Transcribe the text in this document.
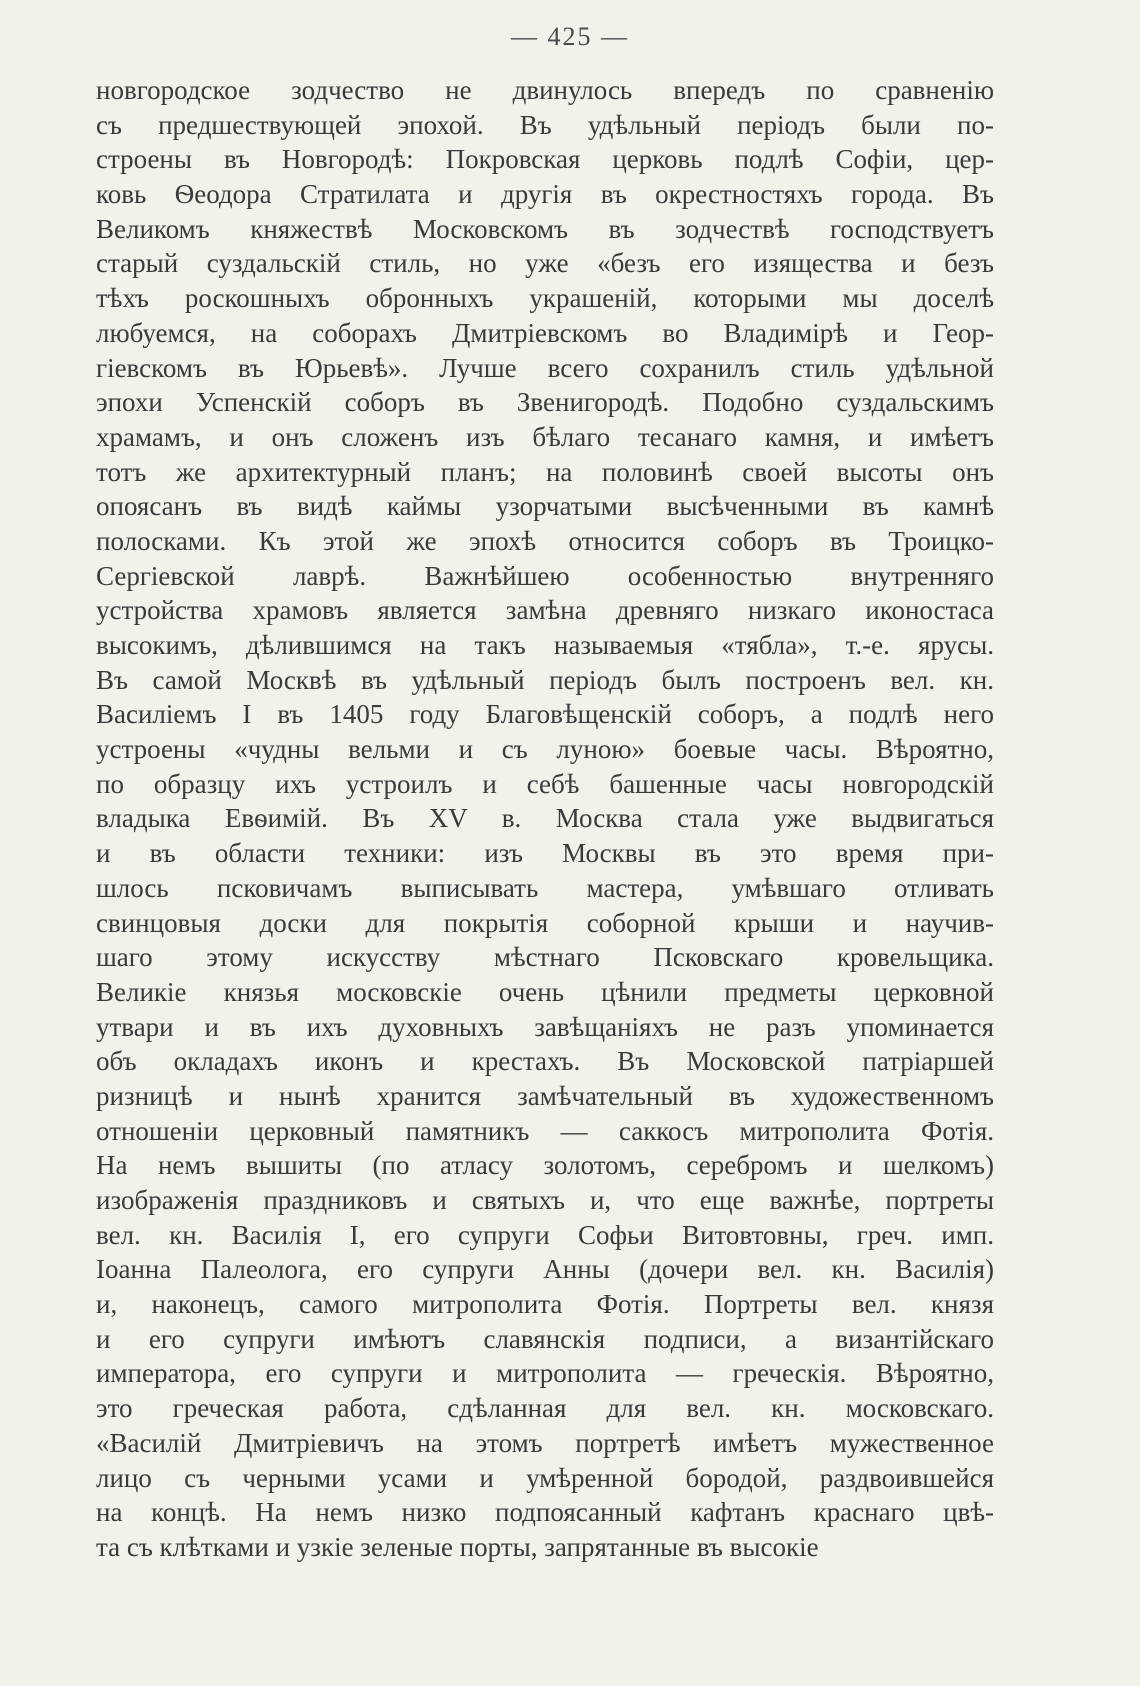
— 425 —
новгородское зодчество не двинулось впередъ по сравненію
съ предшествующей эпохой. Въ удѣльный періодъ были по-
строены въ Новгородѣ: Покровская церковь подлѣ Софіи, цер-
ковь Ѳеодора Стратилата и другія въ окрестностяхъ города. Въ
Великомъ княжествѣ Московскомъ въ зодчествѣ господствуетъ
старый суздальскій стиль, но уже «безъ его изящества и безъ
тѣхъ роскошныхъ обронныхъ украшеній, которыми мы доселѣ
любуемся, на соборахъ Дмитріевскомъ во Владимірѣ и Геор-
гіевскомъ въ Юрьевѣ». Лучше всего сохранилъ стиль удѣльной
эпохи Успенскій соборъ въ Звенигородѣ. Подобно суздальскимъ
храмамъ, и онъ сложенъ изъ бѣлаго тесанаго камня, и имѣетъ
тотъ же архитектурный планъ; на половинѣ своей высоты онъ
опоясанъ въ видѣ каймы узорчатыми высѣченными въ камнѣ
полосками. Къ этой же эпохѣ относится соборъ въ Троицко-
Сергіевской лаврѣ. Важнѣйшею особенностью внутренняго
устройства храмовъ является замѣна древняго низкаго иконостаса
высокимъ, дѣлившимся на такъ называемыя «тябла», т.-е. ярусы.
Въ самой Москвѣ въ удѣльный періодъ былъ построенъ вел. кн.
Василіемъ I въ 1405 году Благовѣщенскій соборъ, а подлѣ него
устроены «чудны вельми и съ луною» боевые часы. Вѣроятно,
по образцу ихъ устроилъ и себѣ башенные часы новгородскій
владыка Евѳимій. Въ XV в. Москва стала уже выдвигаться
и въ области техники: изъ Москвы въ это время при-
шлось псковичамъ выписывать мастера, умѣвшаго отливать
свинцовыя доски для покрытія соборной крыши и научив-
шаго этому искусству мѣстнаго Псковскаго кровельщика.
Великіе князья московскіе очень цѣнили предметы церковной
утвари и въ ихъ духовныхъ завѣщаніяхъ не разъ упоминается
объ окладахъ иконъ и крестахъ. Въ Московской патріаршей
ризницѣ и нынѣ хранится замѣчательный въ художественномъ
отношеніи церковный памятникъ — саккосъ митрополита Фотія.
На немъ вышиты (по атласу золотомъ, серебромъ и шелкомъ)
изображенія праздниковъ и святыхъ и, что еще важнѣе, портреты
вел. кн. Василія I, его супруги Софьи Витовтовны, греч. имп.
Іоанна Палеолога, его супруги Анны (дочери вел. кн. Василія)
и, наконецъ, самого митрополита Фотія. Портреты вел. князя
и его супруги имѣютъ славянскія подписи, а византійскаго
императора, его супруги и митрополита — греческія. Вѣроятно,
это греческая работа, сдѣланная для вел. кн. московскаго.
«Василій Дмитріевичъ на этомъ портретѣ имѣетъ мужественное
лицо съ черными усами и умѣренной бородой, раздвоившейся
на концѣ. На немъ низко подпоясанный кафтанъ краснаго цвѣ-
та съ клѣтками и узкіе зеленые порты, запрятанные въ высокіе
